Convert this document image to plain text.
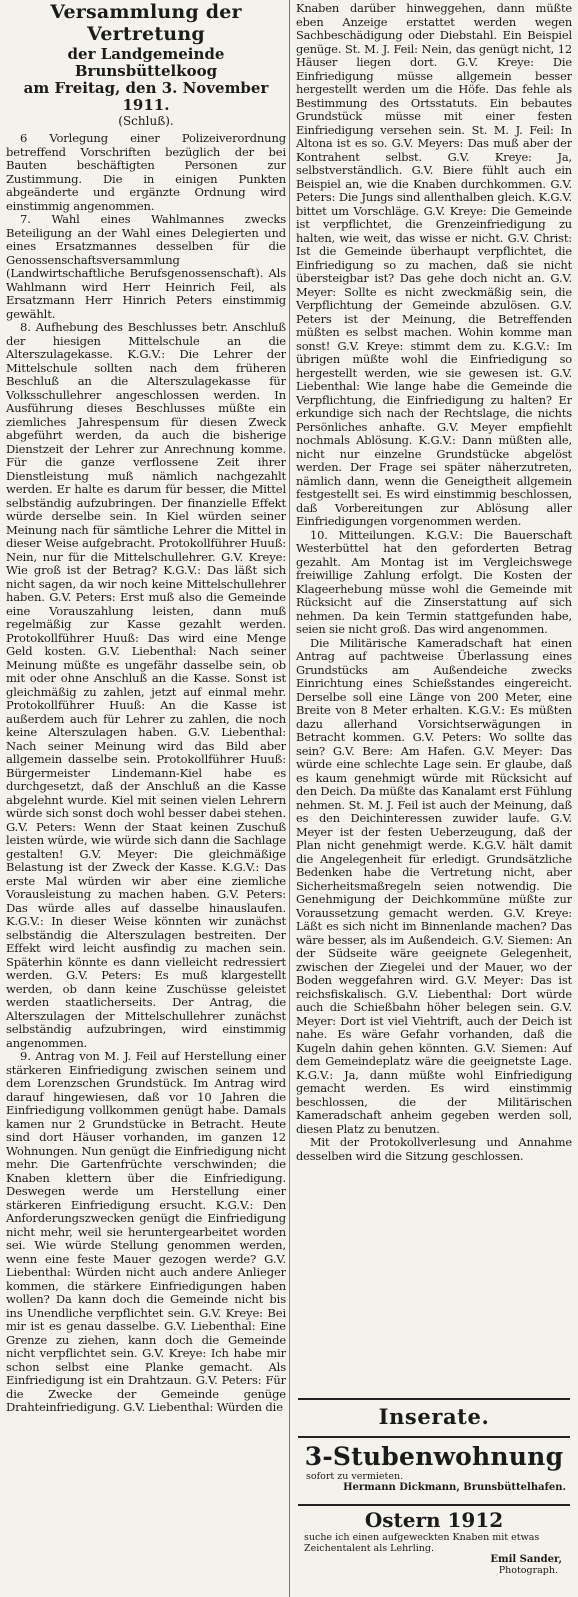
Versammlung der Vertretung
der Landgemeinde Brunsbüttelkoog
am Freitag, den 3. November 1911.
(Schluß).

6 Vorlegung einer Polizeiverordnung betreffend Vorschriften bezüglich der bei Bauten beschäftigten Personen zur Zustimmung. Die in einigen Punkten abgeänderte und ergänzte Ordnung wird einstimmig angenommen.

7. Wahl eines Wahlmannes zwecks Beteiligung an der Wahl eines Delegierten und eines Ersatzmannes desselben für die Genossenschaftsversammlung (Landwirtschaftliche Berufsgenossenschaft). Als Wahlmann wird Herr Heinrich Feil, als Ersatzmann Herr Hinrich Peters einstimmig gewählt.

8. Aufhebung des Beschlusses betr. Anschluß der hiesigen Mittelschule an die Alterszulagekasse. K.G.V.: Die Lehrer der Mittelschule sollten nach dem früheren Beschluß an die Alterszulagekasse für Volksschullehrer angeschlossen werden. In Ausführung dieses Beschlusses müßte ein ziemliches Jahrespensum für diesen Zweck abgeführt werden, da auch die bisherige Dienstzeit der Lehrer zur Anrechnung komme. Für die ganze verflossene Zeit ihrer Dienstleistung muß nämlich nachgezahlt werden. Er halte es darum für besser, die Mittel selbständig aufzubringen. Der finanzielle Effekt würde derselbe sein. In Kiel würden seiner Meinung nach für sämtliche Lehrer die Mittel in dieser Weise aufgebracht. Protokollführer Huuß: Nein, nur für die Mittelschullehrer. G.V. Kreye: Wie groß ist der Betrag? K.G.V.: Das läßt sich nicht sagen, da wir noch keine Mittelschullehrer haben. G.V. Peters: Erst muß also die Gemeinde eine Vorauszahlung leisten, dann muß regelmäßig zur Kasse gezahlt werden. Protokollführer Huuß: Das wird eine Menge Geld kosten. G.V. Liebenthal: Nach seiner Meinung müßte es ungefähr dasselbe sein, ob mit oder ohne Anschluß an die Kasse. Sonst ist gleichmäßig zu zahlen, jetzt auf einmal mehr. Protokollführer Huuß: An die Kasse ist außerdem auch für Lehrer zu zahlen, die noch keine Alterszulagen haben. G.V. Liebenthal: Nach seiner Meinung wird das Bild aber allgemein dasselbe sein. Protokollführer Huuß: Bürgermeister Lindemann-Kiel habe es durchgesetzt, daß der Anschluß an die Kasse abgelehnt wurde. Kiel mit seinen vielen Lehrern würde sich sonst doch wohl besser dabei stehen. G.V. Peters: Wenn der Staat keinen Zuschuß leisten würde, wie würde sich dann die Sachlage gestalten! G.V. Meyer: Die gleichmäßige Belastung ist der Zweck der Kasse. K.G.V.: Das erste Mal würden wir aber eine ziemliche Vorausleistung zu machen haben. G.V. Peters: Das würde alles auf dasselbe hinauslaufen. K.G.V.: In dieser Weise könnten wir zunächst selbständig die Alterszulagen bestreiten. Der Effekt wird leicht ausfindig zu machen sein. Späterhin könnte es dann vielleicht redressiert werden. G.V. Peters: Es muß klargestellt werden, ob dann keine Zuschüsse geleistet werden staatlicherseits. Der Antrag, die Alterszulagen der Mittelschullehrer zunächst selbständig aufzubringen, wird einstimmig angenommen.

9. Antrag von M. J. Feil auf Herstellung einer stärkeren Einfriedigung zwischen seinem und dem Lorenzschen Grundstück. Im Antrag wird darauf hingewiesen, daß vor 10 Jahren die Einfriedigung vollkommen genügt habe. Damals kamen nur 2 Grundstücke in Betracht. Heute sind dort Häuser vorhanden, im ganzen 12 Wohnungen. Nun genügt die Einfriedigung nicht mehr. Die Gartenfrüchte verschwinden; die Knaben klettern über die Einfriedigung. Deswegen werde um Herstellung einer stärkeren Einfriedigung ersucht. K.G.V.: Den Anforderungszwecken genügt die Einfriedigung nicht mehr, weil sie heruntergearbeitet worden sei. Wie würde Stellung genommen werden, wenn eine feste Mauer gezogen werde? G.V. Liebenthal: Würden nicht auch andere Anlieger kommen, die stärkere Einfriedigungen haben wollen? Da kann doch die Gemeinde nicht bis ins Unendliche verpflichtet sein. G.V. Kreye: Bei mir ist es genau dasselbe. G.V. Liebenthal: Eine Grenze zu ziehen, kann doch die Gemeinde nicht verpflichtet sein. G.V. Kreye: Ich habe mir schon selbst eine Planke gemacht. Als Einfriedigung ist ein Drahtzaun. G.V. Peters: Für die Zwecke der Gemeinde genüge Drahteinfriedigung. G.V. Liebenthal: Würden die

Knaben darüber hinweggehen, dann müßte eben Anzeige erstattet werden wegen Sachbeschädigung oder Diebstahl. Ein Beispiel genüge. St. M. J. Feil: Nein, das genügt nicht, 12 Häuser liegen dort. G.V. Kreye: Die Einfriedigung müsse allgemein besser hergestellt werden um die Höfe. Das fehle als Bestimmung des Ortsstatuts. Ein bebautes Grundstück müsse mit einer festen Einfriedigung versehen sein. St. M. J. Feil: In Altona ist es so. G.V. Meyers: Das muß aber der Kontrahent selbst. G.V. Kreye: Ja, selbstverständlich. G.V. Biere fühlt auch ein Beispiel an, wie die Knaben durchkommen. G.V. Peters: Die Jungs sind allenthalben gleich. K.G.V. bittet um Vorschläge. G.V. Kreye: Die Gemeinde ist verpflichtet, die Grenzeinfriedigung zu halten, wie weit, das wisse er nicht. G.V. Christ: Ist die Gemeinde überhaupt verpflichtet, die Einfriedigung so zu machen, daß sie nicht übersteigbar ist? Das gehe doch nicht an. G.V. Meyer: Sollte es nicht zweckmäßig sein, die Verpflichtung der Gemeinde abzulösen. G.V. Peters ist der Meinung, die Betreffenden müßten es selbst machen. Wohin komme man sonst! G.V. Kreye: stimmt dem zu. K.G.V.: Im übrigen müßte wohl die Einfriedigung so hergestellt werden, wie sie gewesen ist. G.V. Liebenthal: Wie lange habe die Gemeinde die Verpflichtung, die Einfriedigung zu halten? Er erkundige sich nach der Rechtslage, die nichts Persönliches anhafte. G.V. Meyer empfiehlt nochmals Ablösung. K.G.V.: Dann müßten alle, nicht nur einzelne Grundstücke abgelöst werden. Der Frage sei später näherzutreten, nämlich dann, wenn die Geneigtheit allgemein festgestellt sei. Es wird einstimmig beschlossen, daß Vorbereitungen zur Ablösung aller Einfriedigungen vorgenommen werden.

10. Mitteilungen. K.G.V.: Die Bauerschaft Westerbüttel hat den geforderten Betrag gezahlt. Am Montag ist im Vergleichswege freiwillige Zahlung erfolgt. Die Kosten der Klageerhebung müsse wohl die Gemeinde mit Rücksicht auf die Zinserstattung auf sich nehmen. Da kein Termin stattgefunden habe, seien sie nicht groß. Das wird angenommen.

Die Militärische Kameradschaft hat einen Antrag auf pachtweise Überlassung eines Grundstücks am Außendeiche zwecks Einrichtung eines Schießstandes eingereicht. Derselbe soll eine Länge von 200 Meter, eine Breite von 8 Meter erhalten. K.G.V.: Es müßten dazu allerhand Vorsichtserwägungen in Betracht kommen. G.V. Peters: Wo sollte das sein? G.V. Bere: Am Hafen. G.V. Meyer: Das würde eine schlechte Lage sein. Er glaube, daß es kaum genehmigt würde mit Rücksicht auf den Deich. Da müßte das Kanalamt erst Fühlung nehmen. St. M. J. Feil ist auch der Meinung, daß es den Deichinteressen zuwider laufe. G.V. Meyer ist der festen Ueberzeugung, daß der Plan nicht genehmigt werde. K.G.V. hält damit die Angelegenheit für erledigt. Grundsätzliche Bedenken habe die Vertretung nicht, aber Sicherheitsmaßregeln seien notwendig. Die Genehmigung der Deichkommüne müßte zur Voraussetzung gemacht werden. G.V. Kreye: Läßt es sich nicht im Binnenlande machen? Das wäre besser, als im Außendeich. G.V. Siemen: An der Südseite wäre geeignete Gelegenheit, zwischen der Ziegelei und der Mauer, wo der Boden weggefahren wird. G.V. Meyer: Das ist reichsfiskalisch. G.V. Liebenthal: Dort würde auch die Schießbahn höher belegen sein. G.V. Meyer: Dort ist viel Viehtrift, auch der Deich ist nahe. Es wäre Gefahr vorhanden, daß die Kugeln dahin gehen könnten. G.V. Siemen: Auf dem Gemeindeplatz wäre die geeignetste Lage. K.G.V.: Ja, dann müßte wohl Einfriedigung gemacht werden. Es wird einstimmig beschlossen, die der Militärischen Kameradschaft anheim gegeben werden soll, diesen Platz zu benutzen.

Mit der Protokollverlesung und Annahme desselben wird die Sitzung geschlossen.

Inserate.
3-Stubenwohnung
sofort zu vermieten.
Hermann Dickmann, Brunsbüttelhafen.
Ostern 1912
suche ich einen aufgeweckten Knaben mit etwas Zeichentalent als Lehrling.
Emil Sander,
Photograph.
